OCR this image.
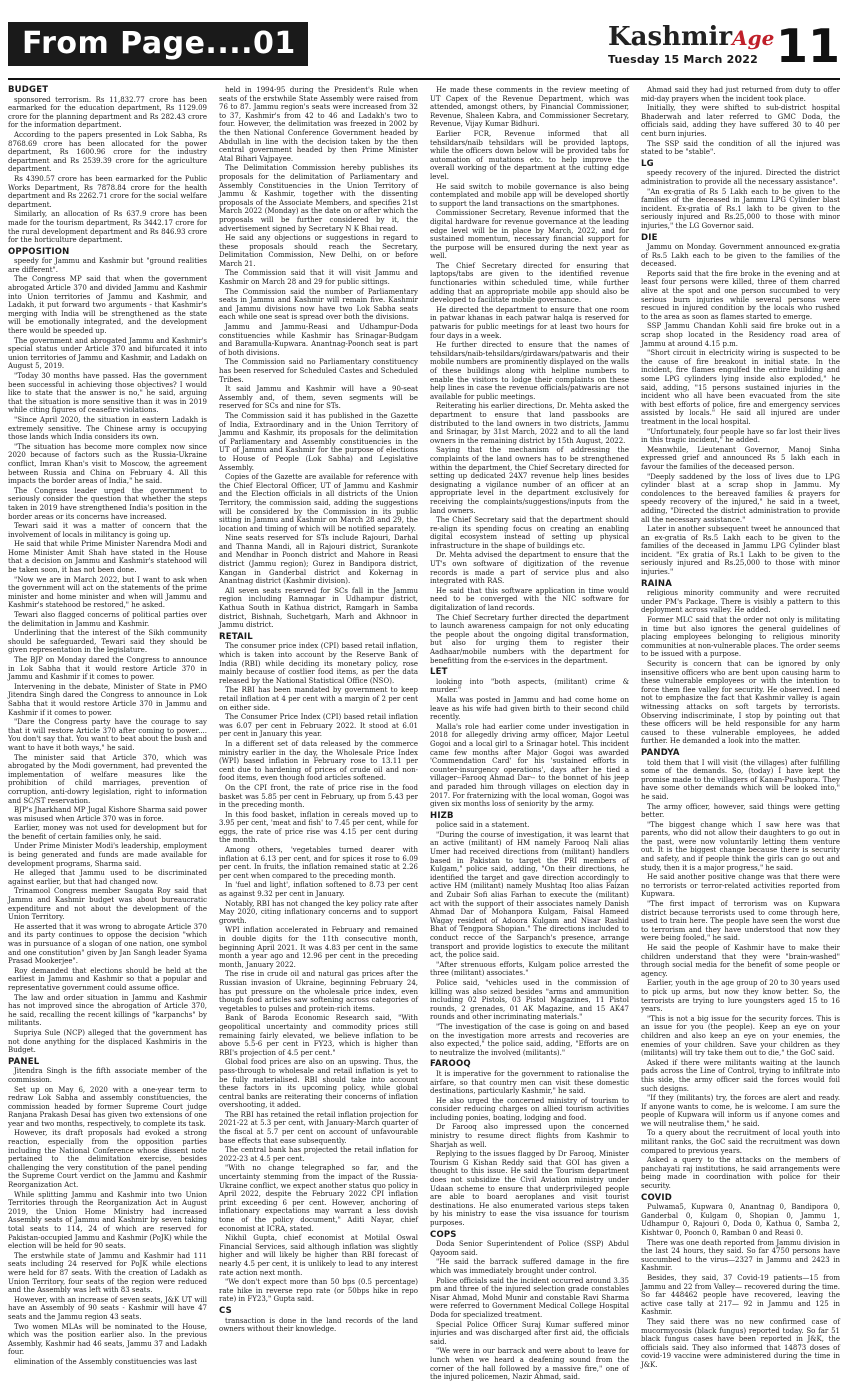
From Page....01	KashmirAge
Tuesday 15 March 2022 11
BUDGET

sponsored terrorism. Rs 11,832.77 crore has been earmarked for the education department, Rs 1129.09 crore for the planning department and Rs 282.43 crore for the information department.

According to the papers presented in Lok Sabha, Rs 8768.69 crore has been allocated for the power department, Rs 1600.96 crore for the industry department and Rs 2539.39 crore for the agriculture department.

Rs 4390.57 crore has been earmarked for the Public Works Department, Rs 7878.84 crore for the health department and Rs 2262.71 crore for the social welfare department.

Similarly, an allocation of Rs 637.9 crore has been made for the tourism department, Rs 3442.17 crore for the rural development department and Rs 846.93 crore for the horticulture department.

OPPOSITION

speedy for Jammu and Kashmir but "ground realities are different".

The Congress MP said that when the government abrogated Article 370 and divided Jammu and Kashmir into Union territories of Jammu and Kashmir, and Ladakh, it put forward two arguments - that Kashmir's merging with India will be strengthened as the state will be emotionally integrated, and the development there would be speeded up.

The government and abrogated Jammu and Kashmir's special status under Article 370 and bifurcated it into union territories of Jammu and Kashmir, and Ladakh on August 5, 2019.

"Today 30 months have passed. Has the government been successful in achieving those objectives? I would like to state that the answer is no," he said, arguing that the situation is more sensitive than it was in 2019 while citing figures of ceasefire violations.

"Since April 2020, the situation in eastern Ladakh is extremely sensitive. The Chinese army is occupying those lands which India considers its own.

"The situation has become more complex now since 2020 because of factors such as the Russia-Ukraine conflict, Imran Khan's visit to Moscow, the agreement between Russia and China on February 4. All this impacts the border areas of India," he said.

The Congress leader urged the government to seriously consider the question that whether the steps taken in 2019 have strengthened India's position in the border areas or its concerns have increased.

Tewari said it was a matter of concern that the involvement of locals in militancy is going up.

He said that while Prime Minister Narendra Modi and Home Minister Amit Shah have stated in the House that a decision on Jammu and Kashmir's statehood will be taken soon, it has not been done.

"Now we are in March 2022, but I want to ask when the government will act on the statements of the prime minister and home minister and when will Jammu and Kashmir's statehood be restored," he asked.

Tewari also flagged concerns of political parties over the delimitation in Jammu and Kashmir.

Underlining that the interest of the Sikh community should be safeguarded, Tewari said they should be given representation in the legislature.

The BJP on Monday dared the Congress to announce in Lok Sabha that it would restore Article 370 in Jammu and Kashmir if it comes to power.

Intervening in the debate, Minister of State in PMO Jitendra Singh dared the Congress to announce in Lok Sabha that it would restore Article 370 in Jammu and Kashmir if it comes to power.

"Dare the Congress party have the courage to say that it will restore Article 370 after coming to power.... You don't say that. You want to beat about the bush and want to have it both ways," he said.

The minister said that Article 370, which was abrogated by the Modi government, had prevented the implementation of welfare measures like the prohibition of child marriages, prevention of corruption, anti-dowry legislation, right to information and SC/ST reservation.

BJP's Jharkhand MP Jugal Kishore Sharma said power was misused when Article 370 was in force.

Earlier, money was not used for development but for the benefit of certain families only, he said.

Under Prime Minister Modi's leadership, employment is being generated and funds are made available for development programs, Sharma said.

He alleged that Jammu used to be discriminated against earlier, but that had changed now.

Trinamool Congress member Saugata Roy said that Jammu and Kashmir budget was about bureaucratic expenditure and not about the development of the Union Territory.

He asserted that it was wrong to abrogate Article 370 and its party continues to oppose the decision "which was in pursuance of a slogan of one nation, one symbol and one constitution" given by Jan Sangh leader Syama Prasad Mookerjee".

Roy demanded that elections should be held at the earliest in Jammu and Kashmir so that a popular and representative government could assume office.

The law and order situation in Jammu and Kashmir has not improved since the abrogation of Article 370, he said, recalling the recent killings of "karpanchs" by militants.

Supriya Sule (NCP) alleged that the government has not done anything for the displaced Kashmiris in the Budget.

PANEL

Jitendra Singh is the fifth associate member of the commission.

Set up on May 6, 2020 with a one-year term to redraw Lok Sabha and assembly constituencies, the commission headed by former Supreme Court judge Ranjana Prakash Desai has given two extensions of one year and two months, respectively, to complete its task.

However, its draft proposals had evoked a strong reaction, especially from the opposition parties including the National Conference whose dissent note pertained to the delimitation exercise, besides challenging the very constitution of the panel pending the Supreme Court verdict on the Jammu and Kashmir Reorganization Act.

While splitting Jammu and Kashmir into two Union Territories through the Reorganization Act in August 2019, the Union Home Ministry had increased Assembly seats of Jammu and Kashmir by seven taking total seats to 114, 24 of which are reserved for Pakistan-occupied Jammu and Kashmir (PoJK) while the election will be held for 90 seats.

The erstwhile state of Jammu and Kashmir had 111 seats including 24 reserved for PoJK while elections were held for 87 seats. With the creation of Ladakh as Union Territory, four seats of the region were reduced and the Assembly was left with 83 seats.

However, with an increase of seven seats, J&K UT will have an Assembly of 90 seats - Kashmir will have 47 seats and the Jammu region 43 seats.

Two women MLAs will be nominated to the House, which was the position earlier also. In the previous Assembly, Kashmir had 46 seats, Jammu 37 and Ladakh four.

elimination of the Assembly constituencies was last

held in 1994-95 during the President's Rule when seats of the erstwhile State Assembly were raised from 76 to 87. Jammu region's seats were increased from 32 to 37, Kashmir's from 42 to 46 and Ladakh's two to four. However, the delimitation was freezed in 2002 by the then National Conference Government headed by Abdullah in line with the decision taken by the then central government headed by then Prime Minister Atal Bihari Vajpayee.

The Delimitation Commission hereby publishes its proposals for the delimitation of Parliamentary and Assembly Constituencies in the Union Territory of Jammu & Kashmir, together with the dissenting proposals of the Associate Members, and specifies 21st March 2022 (Monday) as the date on or after which the proposals will be further considered by it, the advertisement signed by Secretary N K Bhai read.

He said any objections or suggestions in regard to these proposals should reach the Secretary, Delimitation Commission, New Delhi, on or before March 21.

The Commission said that it will visit Jammu and Kashmir on March 28 and 29 for public sittings.

The Commission said the number of Parliamentary seats in Jammu and Kashmir will remain five. Kashmir and Jammu divisions now have two Lok Sabha seats each while one seat is spread over both the divisions.

Jammu and Jammu-Reasi and Udhampur-Doda constituencies while Kashmir has Srinagar-Budgam and Baramulla-Kupwara. Anantnag-Poonch seat is part of both divisions.

The Commission said no Parliamentary constituency has been reserved for Scheduled Castes and Scheduled Tribes.

It said Jammu and Kashmir will have a 90-seat Assembly and, of them, seven segments will be reserved for SCs and nine for STs.

The Commission said it has published in the Gazette of India, Extraordinary and in the Union Territory of Jammu and Kashmir, its proposals for the delimitation of Parliamentary and Assembly constituencies in the UT of Jammu and Kashmir for the purpose of elections to House of People (Lok Sabha) and Legislative Assembly.

Copies of the Gazette are available for reference with the Chief Electoral Officer, UT of Jammu and Kashmir and the Election officials in all districts of the Union Territory, the commission said, adding the suggestions will be considered by the Commission in its public sitting in Jammu and Kashmir on March 28 and 29, the location and timing of which will be notified separately.

Nine seats reserved for STs include Rajouri, Darhal and Thanna Mandi, all in Rajouri district, Surankote and Mendhar in Poonch district and Mahore in Reasi district (Jammu region); Gurez in Bandipora district, Kangan in Ganderbal district and Kokernag in Anantnag district (Kashmir division).

All seven seats reserved for SCs fall in the Jammu region including Ramnagar in Udhampur district, Kathua South in Kathua district, Ramgarh in Samba district, Bishnah, Suchetgarh, Marh and Akhnoor in Jammu district.

RETAIL

The consumer price index (CPI) based retail inflation, which is taken into account by the Reserve Bank of India (RBI) while deciding its monetary policy, rose mainly because of costlier food items, as per the data released by the National Statistical Office (NSO).

The RBI has been mandated by government to keep retail inflation at 4 per cent with a margin of 2 per cent on either side.

The Consumer Price Index (CPI) based retail inflation was 6.07 per cent in February 2022. It stood at 6.01 per cent in January this year.

In a different set of data released by the commerce ministry earlier in the day, the Wholesale Price Index (WPI) based inflation in February rose to 13.11 per cent due to hardening of prices of crude oil and non-food items, even though food articles softened.

On the CPI front, the rate of price rise in the food basket was 5.85 per cent in February, up from 5.43 per in the preceding month.

In this food basket, inflation in cereals moved up to 3.95 per cent, 'meat and fish' to 7.45 per cent, while for eggs, the rate of price rise was 4.15 per cent during the month.

Among others, 'vegetables turned dearer with inflation at 6.13 per cent, and for spices it rose to 6.09 per cent. In fruits, the inflation remained static at 2.26 per cent when compared to the preceding month.

In 'fuel and light', inflation softened to 8.73 per cent as against 9.32 per cent in January.

Notably, RBI has not changed the key policy rate after May 2020, citing inflationary concerns and to support growth.

WPI inflation accelerated in February and remained in double digits for the 11th consecutive month, beginning April 2021. It was 4.83 per cent in the same month a year ago and 12.96 per cent in the preceding month, January 2022.

The rise in crude oil and natural gas prices after the Russian invasion of Ukraine, beginning February 24, has put pressure on the wholesale price index, even though food articles saw softening across categories of vegetables to pulses and protein-rich items.

Bank of Baroda Economic Research said, "With geopolitical uncertainty and commodity prices still remaining fairly elevated, we believe inflation to be above 5.5-6 per cent in FY23, which is higher than RBI's projection of 4.5 per cent."

Global food prices are also on an upswing. Thus, the pass-through to wholesale and retail inflation is yet to be fully materialised. RBI should take into account these factors in its upcoming policy, while global central banks are reiterating their concerns of inflation overshooting, it added.

The RBI has retained the retail inflation projection for 2021-22 at 5.3 per cent, with January-March quarter of the fiscal at 5.7 per cent on account of unfavourable base effects that ease subsequently.

The central bank has projected the retail inflation for 2022-23 at 4.5 per cent.

"With no change telegraphed so far, and the uncertainty stemming from the impact of the Russia-Ukraine conflict, we expect another status quo policy in April 2022, despite the February 2022 CPI inflation print exceeding 6 per cent. However, anchoring of inflationary expectations may warrant a less dovish tone of the policy document," Aditi Nayar, chief economist at ICRA, stated.

Nikhil Gupta, chief economist at Motilal Oswal Financial Services, said although inflation was slightly higher and will likely be higher than RBI forecast of nearly 4.5 per cent, it is unlikely to lead to any interest rate action next month.

"We don't expect more than 50 bps (0.5 percentage) rate hike in reverse repo rate (or 50bps hike in repo rate) in FY23," Gupta said.

CS

transaction is done in the land records of the land owners without their knowledge.

He made these comments in the review meeting of UT Capex of the Revenue Department, which was attended, amongst others, by Financial Commissioner, Revenue, Shaleen Kabra, and Commissioner Secretary, Revenue, Vijay Kumar Bidhuri.

Earlier FCR, Revenue informed that all tehsildars/naib tehsildars will be provided laptops, while the officers down below will be provided tabs for automation of mutations etc. to help improve the overall working of the department at the cutting edge level.

He said switch to mobile governance is also being contemplated and mobile app will be developed shortly to support the land transactions on the smartphones.

Commissioner Secretary, Revenue informed that the digital hardware for revenue governance at the leading edge level will be in place by March, 2022, and for sustained momentum, necessary financial support for the purpose will be ensured during the next year as well.

The Chief Secretary directed for ensuring that laptops/tabs are given to the identified revenue functionaries within scheduled time, while further adding that an appropriate mobile app should also be developed to facilitate mobile governance.

He directed the department to ensure that one room in patwar khanas in each patwar halqa is reserved for patwaris for public meetings for at least two hours for four days in a week.

He further directed to ensure that the names of tehsildars/naib-tehsildars/girdawars/patwaris and their mobile numbers are prominently displayed on the walls of these buildings along with helpline numbers to enable the visitors to lodge their complaints on these help lines in case the revenue officials/patwaris are not available for public meetings.

Reiterating his earlier directions, Dr. Mehta asked the department to ensure that land passbooks are distributed to the land owners in two districts, Jammu and Srinagar, by 31st March, 2022 and to all the land owners in the remaining district by 15th August, 2022.

Saying that the mechanism of addressing the complaints of the land owners has to be strengthened within the department, the Chief Secretary directed for setting up dedicated 24X7 revenue help lines besides designating a vigilance number of an officer at an appropriate level in the department exclusively for receiving the complaints/suggestions/inputs from the land owners.

The Chief Secretary said that the department should re-align its spending focus on creating an enabling digital ecosystem instead of setting up physical infrastructure in the shape of buildings etc.

Dr. Mehta advised the department to ensure that the UT's own software of digitization of the revenue records is made a part of service plus and also integrated with RAS.

He said that this software application in time would need to be converged with the NIC software for digitalization of land records.

The Chief Secretary further directed the department to launch awareness campaign for not only educating the people about the ongoing digital transformation, but also for urging them to register their Aadhaar/mobile numbers with the department for benefitting from the e-services in the department.

LET

looking into "both aspects, (militant) crime & murder."

Malla was posted in Jammu and had come home on leave as his wife had given birth to their second child recently.

Malla's role had earlier come under investigation in 2018 for allegedly driving army officer, Major Leetul Gogoi and a local girl to a Srinagar hotel. This incident came few months after Major Gogoi was awarded 'Commendation Card' for his 'sustained efforts in counter-insurgency operations', days after he tied a villager--Farooq Ahmad Dar-- to the bonnet of his jeep and paraded him through villages on election day in 2017. For fraternizing with the local woman, Gogoi was given six months loss of seniority by the army.

HIZB

police said in a statement.

"During the course of investigation, it was learnt that an active (militant) of HM namely Farooq Nali alias Umer had received directions from (militant) handlers based in Pakistan to target the PRI members of Kulgam," police said, adding, "On their directions, he identified the target and gave direction accordingly to active HM (militant) namely Mushtaq Itoo alias Faizan and Zubair Sofi alias Farhan to execute the (militant) act with the support of their associates namely Danish Ahmad Dar of Mohanpora Kulgam, Faisal Hameed Wagay resident of Adoora Kulgam and Nisar Rashid Bhat of Tengpora Shopian." The directions included to conduct recce of the Sarpanch's presence, arrange transport and provide logistics to execute the militant act, the police said.

"After strenuous efforts, Kulgam police arrested the three (militant) associates."

Police said, "vehicles used in the commission of killing was also seized besides "arms and ammunition including 02 Pistols, 03 Pistol Magazines, 11 Pistol rounds, 2 grenades, 01 AK Magazine, and 15 AK47 rounds and other incriminating materials."

"The investigation of the case is going on and based on the investigation more arrests and recoveries are also expected," the police said, adding, "Efforts are on to neutralize the involved (militants)."

FAROOQ

It is imperative for the government to rationalise the airfare, so that country men can visit these domestic destinations, particularly Kashmir," he said.

He also urged the concerned ministry of tourism to consider reducing charges on allied tourism activities including ponies, boating, lodging and food.

Dr Farooq also impressed upon the concerned ministry to resume direct flights from Kashmir to Sharjah as well.

Replying to the issues flagged by Dr Farooq, Minister Tourism G Kishan Reddy said that GOI has given a thought to this issue. He said the Tourism department does not subsidize the Civil Aviation ministry under Udaan scheme to ensure that underprivileged people are able to board aeroplanes and visit tourist destinations. He also enumerated various steps taken by his ministry to ease the visa issuance for tourism purposes.

COPS

Doda Senior Superintendent of Police (SSP) Abdul Qayoom said.

"He said the barrack suffered damage in the fire which was immediately brought under control.

Police officials said the incident occurred around 3.35 pm and three of the injured selection grade constables Nisar Ahmad, Mohd Munir and constable Ravi Sharma were referred to Government Medical College Hospital Doda for specialized treatment.

Special Police Officer Suraj Kumar suffered minor injuries and was discharged after first aid, the officials said.

"We were in our barrack and were about to leave for lunch when we heard a deafening sound from the corner of the hall followed by a massive fire," one of the injured policemen, Nazir Ahmad, said.

Ahmad said they had just returned from duty to offer mid-day prayers when the incident took place.

Initially, they were shifted to sub-district hospital Bhaderwah and later referred to GMC Doda, the officials said, adding they have suffered 30 to 40 per cent burn injuries.

The SSP said the condition of all the injured was stated to be "stable".

LG

speedy recovery of the injured. Directed the district administration to provide all the necessary assistance".

"An ex-gratia of Rs 5 Lakh each to be given to the families of the deceased in Jammu LPG Cylinder blast incident. Ex-gratia of Rs.1 lakh to be given to the seriously injured and Rs.25,000 to those with minor injuries," the LG Governor said.

DIE

Jammu on Monday. Government announced ex-gratia of Rs.5 Lakh each to be given to the families of the deceased.

Reports said that the fire broke in the evening and at least four persons were killed, three of them charred alive at the spot and one person succumbed to very serious burn injuries while several persons were rescued in injured condition by the locals who rushed to the area as soon as flames started to emerge.

SSP Jammu Chandan Kohli said fire broke out in a scrap shop located in the Residency road area of Jammu at around 4.15 p.m.

"Short circuit in electricity wiring is suspected to be the cause of fire breakout in initial state. In the incident, fire flames engulfed the entire building and some LPG cylinders lying inside also exploded," he said, adding, "15 persons sustained injuries in the incident who all have been evacuated from the site with best efforts of police, fire and emergency services assisted by locals." He said all injured are under treatment in the local hospital.

"Unfortunately, four people have so far lost their lives in this tragic incident," he added.

Meanwhile, Lieutenant Governor, Manoj Sinha expressed grief and announced Rs 5 lakh each in favour the families of the deceased person.

"Deeply saddened by the loss of lives due to LPG cylinder blast at a scrap shop in Jammu. My condolences to the bereaved families & prayers for speedy recovery of the injured," he said in a tweet, adding, "Directed the district administration to provide all the necessary assistance."

Later in another subsequent tweet he announced that an ex-gratia of Rs.5 Lakh each to be given to the families of the deceased in Jammu LPG Cylinder blast incident. "Ex gratia of Rs.1 Lakh to be given to the seriously injured and Rs.25,000 to those with minor injuries."

RAINA

religious minority community and were recruited under PM's Package. There is visibly a pattern to this deployment across valley. He added.

Former MLC said that the order not only is militating in time but also ignores the general guidelines of placing employees belonging to religious minority communities at non-vulnerable places. The order seems to be issued with a purpose.

Security is concern that can be ignored by only insensitive officers who are bent upon causing harm to these vulnerable employees or with the intention to force them flee valley for security. He observed. I need not to emphasize the fact that Kashmir valley is again witnessing attacks on soft targets by terrorists. Observing indiscriminate, I stop by pointing out that these officers will be held responsible for any harm caused to these vulnerable employees, he added further. He demanded a look into the matter.

PANDYA

told them that I will visit (the villages) after fulfilling some of the demands. So, (today) I have kept the promise made to the villagers of Kanan-Pushpora. They have some other demands which will be looked into," he said.

The army officer, however, said things were getting better.

"The biggest change which I saw here was that parents, who did not allow their daughters to go out in the past, were now voluntarily letting them venture out. It is the biggest change because there is security and safety, and if people think the girls can go out and study, then it is a major progress," he said.

He said another positive change was that there were no terrorists or terror-related activities reported from Kupwara.

"The first impact of terrorism was on Kupwara district because terrorists used to come through here, used to train here. The people have seen the worst due to terrorism and they have understood that now they were being fooled," he said.

He said the people of Kashmir have to make their children understand that they were "brain-washed" through social media for the benefit of some people or agency.

Earlier, youth in the age group of 20 to 30 years used to pick up arms, but now they know better. So, the terrorists are trying to lure youngsters aged 15 to 16 years.

"This is not a big issue for the security forces. This is an issue for you (the people). Keep an eye on your children and also keep an eye on your enemies, the enemies of your children. Save your children as they (militants) will try take them out to die," the GoC said.

Asked if there were militants waiting at the launch pads across the Line of Control, trying to infiltrate into this side, the army officer said the forces would foil such designs.

"If they (militants) try, the forces are alert and ready. If anyone wants to come, he is welcome. I am sure the people of Kupwara will inform us if anyone comes and we will neutralise them," he said.

To a query about the recruitment of local youth into militant ranks, the GoC said the recruitment was down compared to previous years.

Asked a query to the attacks on the members of panchayati raj institutions, he said arrangements were being made in coordination with police for their security.

COVID

Pulwama5, Kupwara 0, Anantnag 0, Bandipora 0, Ganderbal 0, Kulgam 0, Shopian 0, Jammu 1, Udhampur 0, Rajouri 0, Doda 0, Kathua 0, Samba 2, Kishtwar 0, Poonch 0, Ramban 0 and Reasi 0.

There was one death reported from Jammu division in the last 24 hours, they said. So far 4750 persons have succumbed to the virus—2327 in Jammu and 2423 in Kashmir.

Besides, they said, 37 Covid-19 patients—15 from Jammu and 22 from Valley— recovered during the time. So far 448462 people have recovered, leaving the active case tally at 217— 92 in Jammu and 125 in Kashmir.

They said there was no new confirmed case of mucormycosis (black fungus) reported today. So far 51 black fungus cases have been reported in J&K, the officials said. They also informed that 14873 doses of covid-19 vaccine were administered during the time in J&K.
